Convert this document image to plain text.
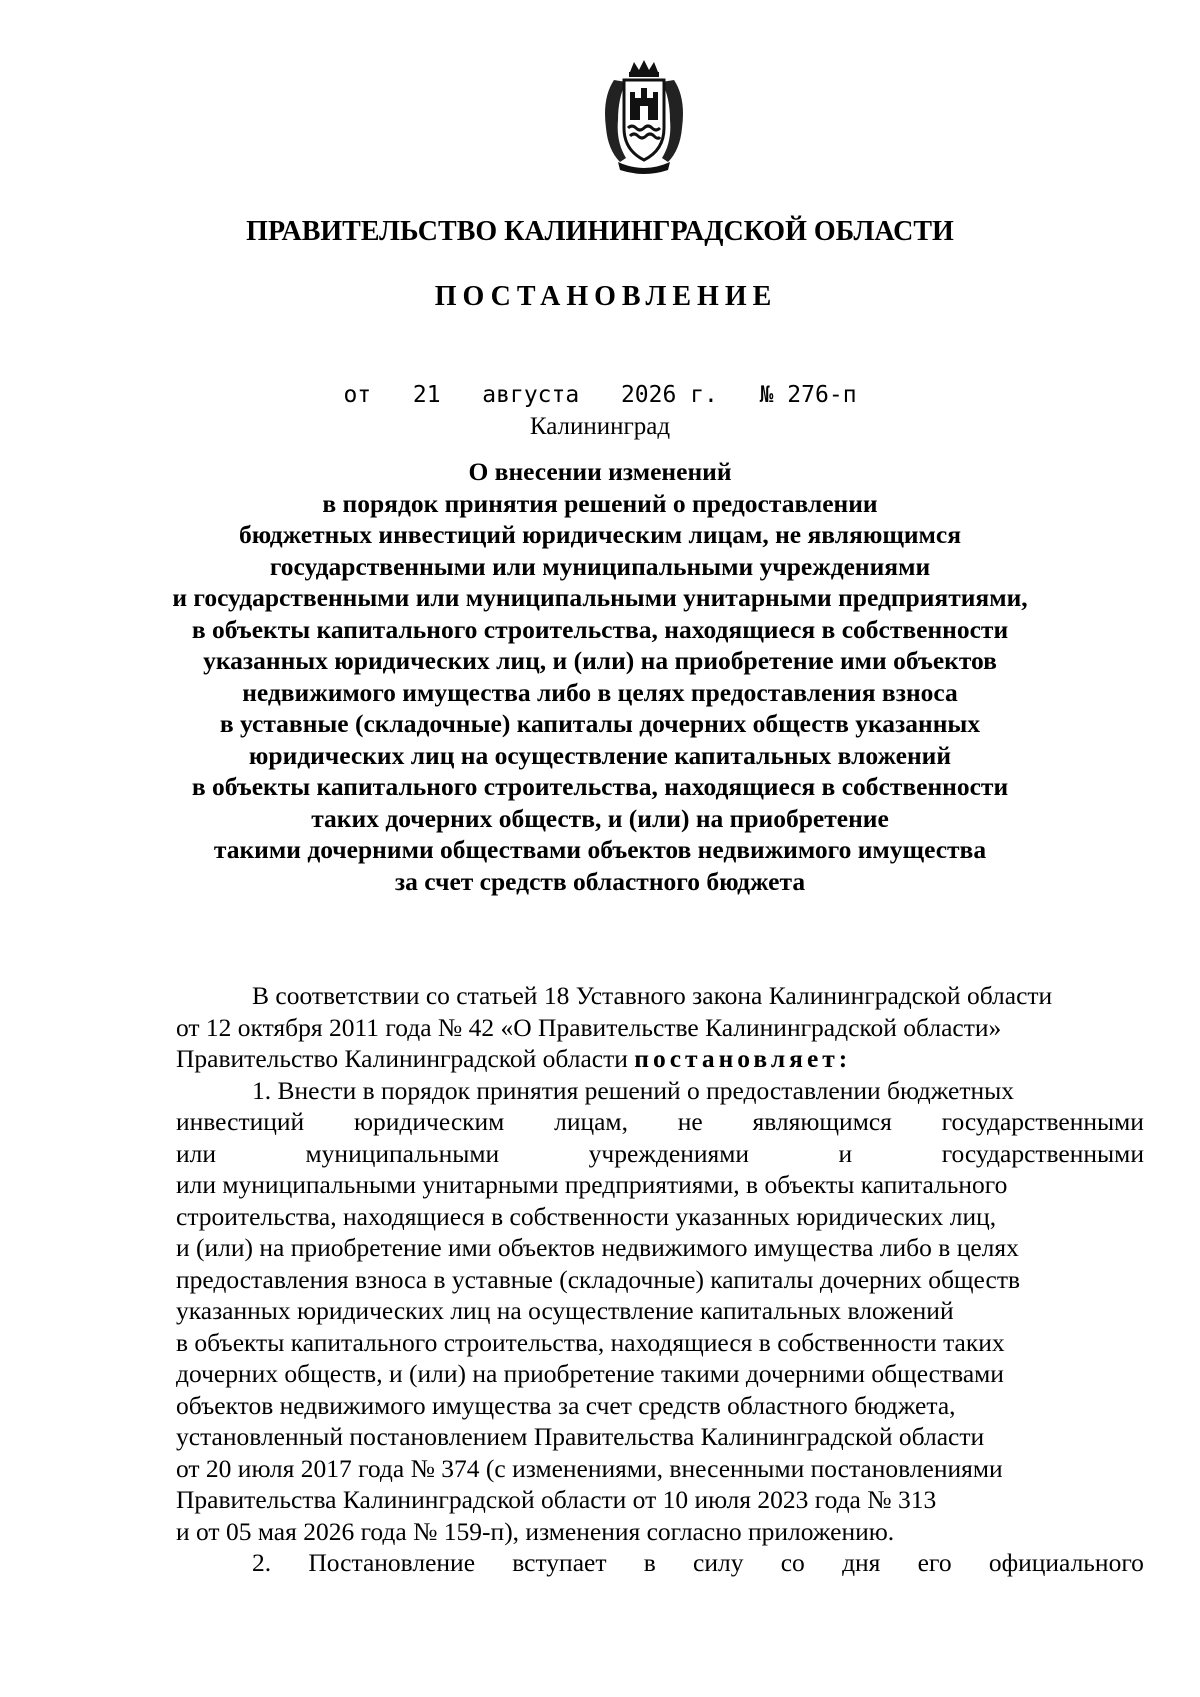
ПРАВИТЕЛЬСТВО КАЛИНИНГРАДСКОЙ ОБЛАСТИ

ПОСТАНОВЛЕНИЕ

от 21 августа 2026 г. № 276-п

Калининград

О внесении изменений
в порядок принятия решений о предоставлении
бюджетных инвестиций юридическим лицам, не являющимся
государственными или муниципальными учреждениями
и государственными или муниципальными унитарными предприятиями,
в объекты капитального строительства, находящиеся в собственности
указанных юридических лиц, и (или) на приобретение ими объектов
недвижимого имущества либо в целях предоставления взноса
в уставные (складочные) капиталы дочерних обществ указанных
юридических лиц на осуществление капитальных вложений
в объекты капитального строительства, находящиеся в собственности
таких дочерних обществ, и (или) на приобретение
такими дочерними обществами объектов недвижимого имущества
за счет средств областного бюджета
В соответствии со статьей 18 Уставного закона Калининградской области
от 12 октября 2011 года № 42 «О Правительстве Калининградской области»
Правительство Калининградской области постановляет:
1. Внести в порядок принятия решений о предоставлении бюджетных
инвестиций юридическим лицам, не являющимся государственными
или	муниципальными	учреждениями	и	государственными
или муниципальными унитарными предприятиями, в объекты капитального
строительства, находящиеся в собственности указанных юридических лиц,
и (или) на приобретение ими объектов недвижимого имущества либо в целях
предоставления взноса в уставные (складочные) капиталы дочерних обществ
указанных юридических лиц на осуществление капитальных вложений
в объекты капитального строительства, находящиеся в собственности таких
дочерних обществ, и (или) на приобретение такими дочерними обществами
объектов недвижимого имущества за счет средств областного бюджета,
установленный постановлением Правительства Калининградской области
от 20 июля 2017 года № 374 (с изменениями, внесенными постановлениями
Правительства Калининградской области от 10 июля 2023 года № 313
и от 05 мая 2026 года № 159-п), изменения согласно приложению.
2. Постановление вступает в силу со дня его официального
